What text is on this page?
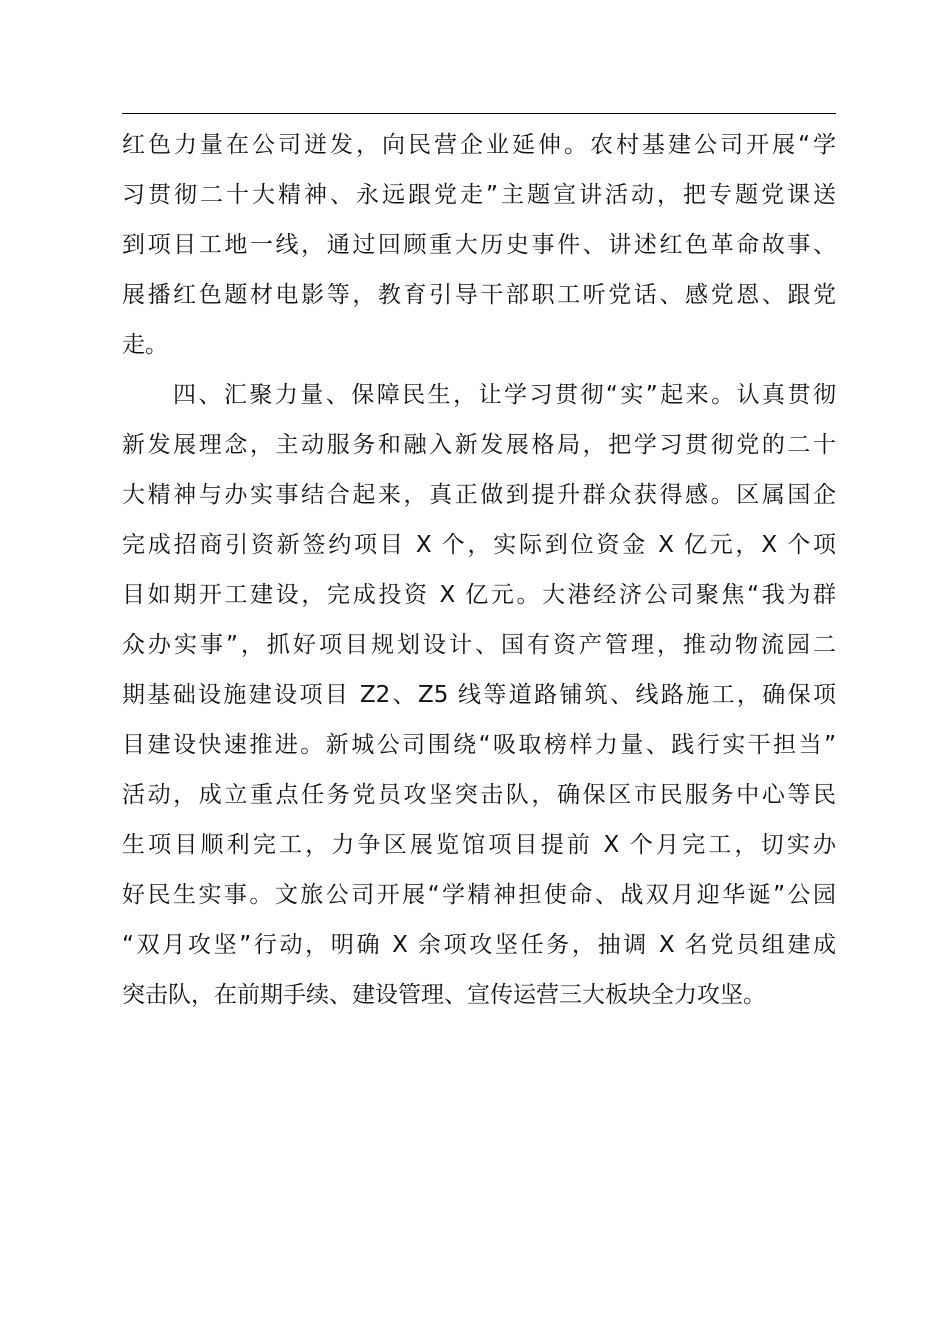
红色力量在公司迸发，向民营企业延伸。农村基建公司开展“学
习贯彻二十大精神、永远跟党走”主题宣讲活动，把专题党课送
到项目工地一线，通过回顾重大历史事件、讲述红色革命故事、
展播红色题材电影等，教育引导干部职工听党话、感党恩、跟党
走。
　　四、汇聚力量、保障民生，让学习贯彻“实”起来。认真贯彻
新发展理念，主动服务和融入新发展格局，把学习贯彻党的二十
大精神与办实事结合起来，真正做到提升群众获得感。区属国企
完成招商引资新签约项目 X 个，实际到位资金 X 亿元，X 个项
目如期开工建设，完成投资 X 亿元。大港经济公司聚焦“我为群
众办实事”，抓好项目规划设计、国有资产管理，推动物流园二
期基础设施建设项目 Z2、Z5 线等道路铺筑、线路施工，确保项
目建设快速推进。新城公司围绕“吸取榜样力量、践行实干担当”
活动，成立重点任务党员攻坚突击队，确保区市民服务中心等民
生项目顺利完工，力争区展览馆项目提前 X 个月完工，切实办
好民生实事。文旅公司开展“学精神担使命、战双月迎华诞”公园
“双月攻坚”行动，明确 X 余项攻坚任务，抽调 X 名党员组建成
突击队，在前期手续、建设管理、宣传运营三大板块全力攻坚。
